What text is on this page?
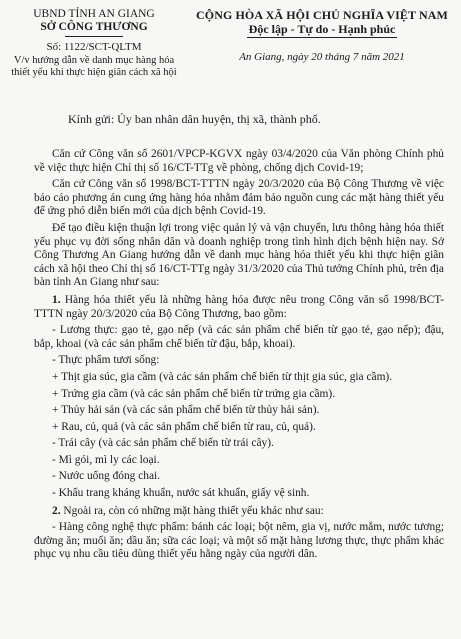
UBND TỈNH AN GIANG
SỞ CÔNG THƯƠNG
Số: 1122/SCT-QLTM
V/v hướng dẫn về danh mục hàng hóa thiết yếu khi thực hiện giãn cách xã hội
CỘNG HÒA XÃ HỘI CHỦ NGHĨA VIỆT NAM
Độc lập - Tự do - Hạnh phúc
An Giang, ngày 20 tháng 7 năm 2021
Kính gửi: Ủy ban nhân dân huyện, thị xã, thành phố.

Căn cứ Công văn số 2601/VPCP-KGVX ngày 03/4/2020 của Văn phòng Chính phủ về việc thực hiện Chỉ thị số 16/CT-TTg về phòng, chống dịch Covid-19;

Căn cứ Công văn số 1998/BCT-TTTN ngày 20/3/2020 của Bộ Công Thương về việc báo cáo phương án cung ứng hàng hóa nhằm đảm bảo nguồn cung các mặt hàng thiết yếu để ứng phó diễn biến mới của dịch bệnh Covid-19.

Để tạo điều kiện thuận lợi trong việc quản lý và vận chuyển, lưu thông hàng hóa thiết yếu phục vụ đời sống nhân dân và doanh nghiệp trong tình hình dịch bệnh hiện nay. Sở Công Thương An Giang hướng dẫn về danh mục hàng hóa thiết yếu khi thực hiện giãn cách xã hội theo Chỉ thị số 16/CT-TTg ngày 31/3/2020 của Thủ tướng Chính phủ, trên địa bàn tỉnh An Giang như sau:

1. Hàng hóa thiết yếu là những hàng hóa được nêu trong Công văn số 1998/BCT-TTTN ngày 20/3/2020 của Bộ Công Thương, bao gồm:

- Lương thực: gạo tẻ, gạo nếp (và các sản phẩm chế biến từ gạo tẻ, gạo nếp); đậu, bắp, khoai (và các sản phẩm chế biến từ đậu, bắp, khoai).

- Thực phẩm tươi sống:

+ Thịt gia súc, gia cầm (và các sản phẩm chế biến từ thịt gia súc, gia cầm).

+ Trứng gia cầm (và các sản phẩm chế biến từ trứng gia cầm).

+ Thủy hải sản (và các sản phẩm chế biến từ thủy hải sản).

+ Rau, củ, quả (và các sản phẩm chế biến từ rau, củ, quả).

- Trái cây (và các sản phẩm chế biến từ trái cây).

- Mì gói, mì ly các loại.

- Nước uống đóng chai.

- Khẩu trang kháng khuẩn, nước sát khuẩn, giấy vệ sinh.

2. Ngoài ra, còn có những mặt hàng thiết yếu khác như sau:

- Hàng công nghệ thực phẩm: bánh các loại; bột nêm, gia vị, nước mắm, nước tương; đường ăn; muối ăn; dầu ăn; sữa các loại; và một số mặt hàng lương thực, thực phẩm khác phục vụ nhu cầu tiêu dùng thiết yếu hằng ngày của người dân.
